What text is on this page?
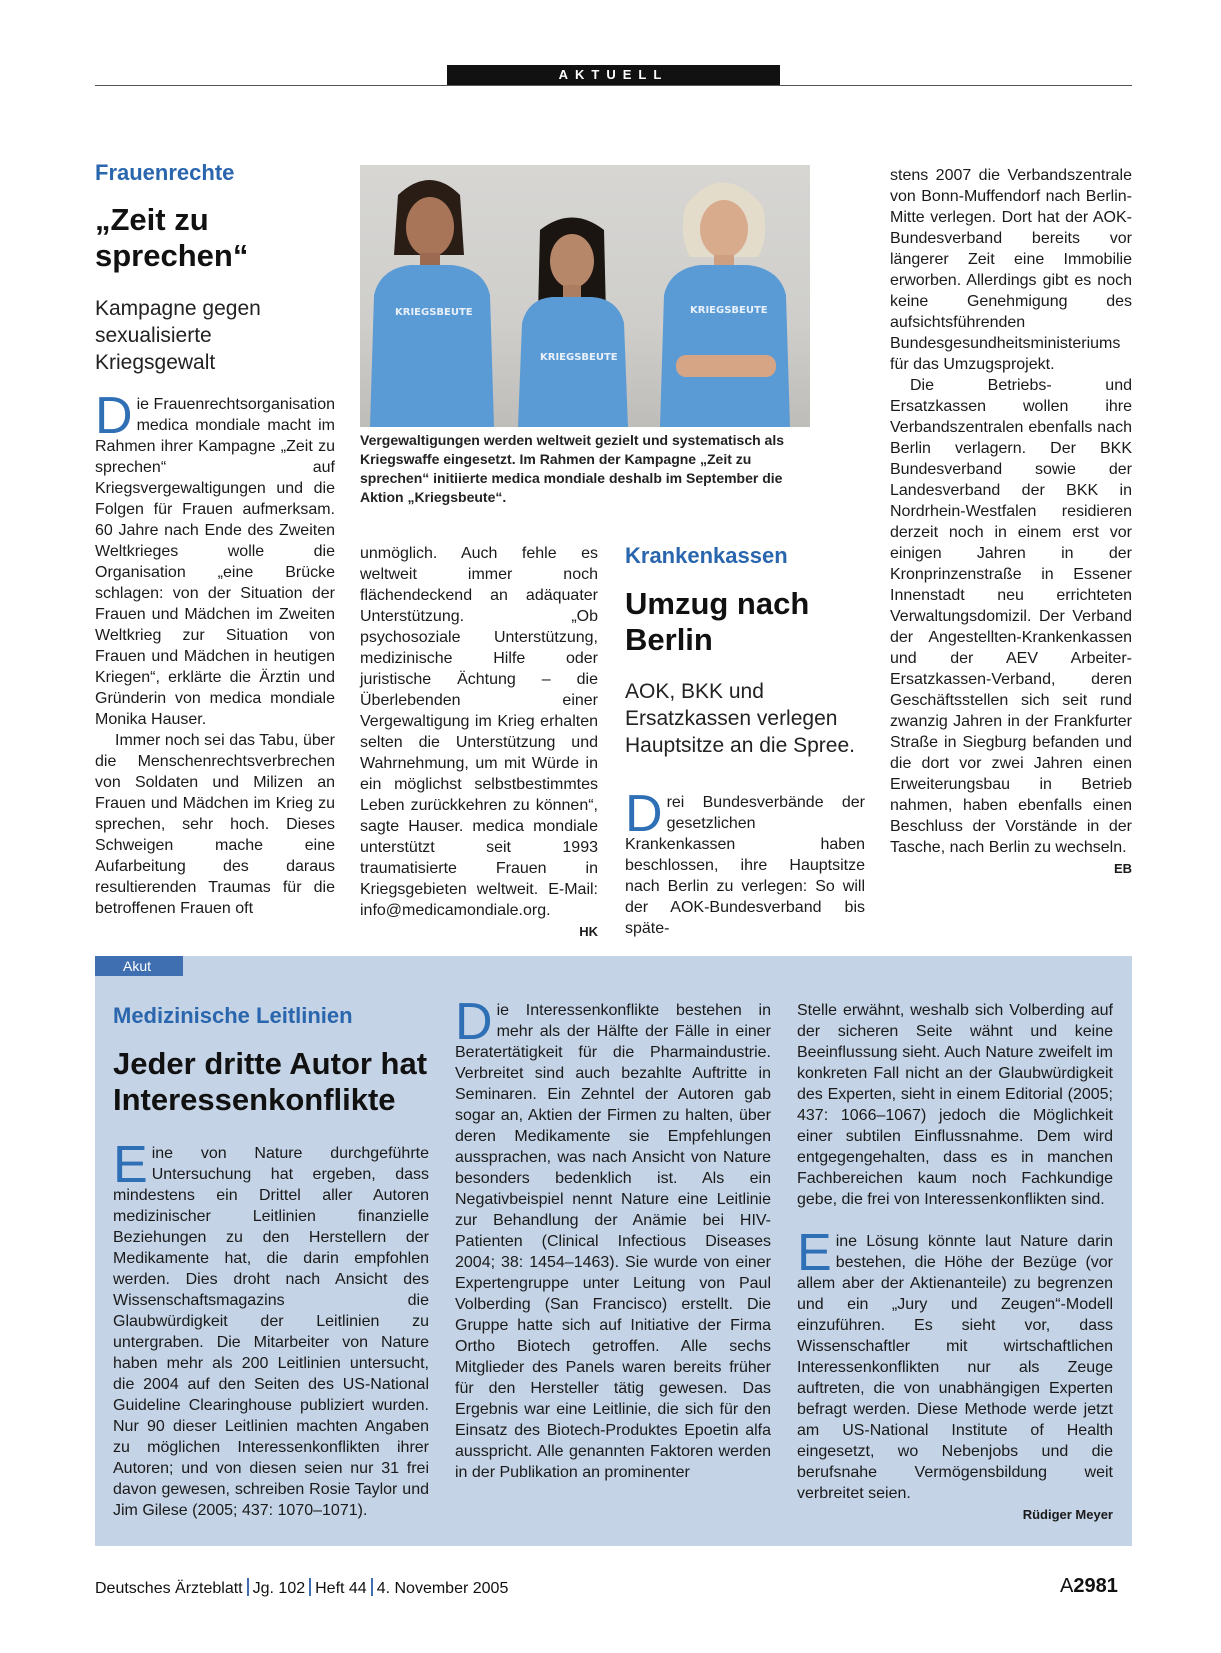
AKTUELL
Frauenrechte
„Zeit zu
sprechen“
Kampagne gegen sexualisierte Kriegsgewalt

Die Frauenrechtsorganisation medica mondiale macht im Rahmen ihrer Kampagne „Zeit zu sprechen“ auf Kriegsvergewaltigungen und die Folgen für Frauen aufmerksam. 60 Jahre nach Ende des Zweiten Weltkrieges wolle die Organisation „eine Brücke schlagen: von der Situation der Frauen und Mädchen im Zweiten Weltkrieg zur Situation von Frauen und Mädchen in heutigen Kriegen“, erklärte die Ärztin und Gründerin von medica mondiale Monika Hauser.

Immer noch sei das Tabu, über die Menschenrechtsverbrechen von Soldaten und Milizen an Frauen und Mädchen im Krieg zu sprechen, sehr hoch. Dieses Schweigen mache eine Aufarbeitung des daraus resultierenden Traumas für die betroffenen Frauen oft

KRIEGSBEUTE
KRIEGSBEUTE
KRIEGSBEUTE
Vergewaltigungen werden weltweit gezielt und systematisch als Kriegswaffe eingesetzt. Im Rahmen der Kampagne „Zeit zu sprechen“ initiierte medica mondiale deshalb im September die Aktion „Kriegsbeute“.

unmöglich. Auch fehle es weltweit immer noch flächendeckend an adäquater Unterstützung. „Ob psychosoziale Unterstützung, medizinische Hilfe oder juristische Ächtung – die Überlebenden einer Vergewaltigung im Krieg erhalten selten die Unterstützung und Wahrnehmung, um mit Würde in ein möglichst selbstbestimmtes Leben zurückkehren zu können“, sagte Hauser. medica mondiale unterstützt seit 1993 traumatisierte Frauen in Kriegsgebieten weltweit. E-Mail: info@medicamondiale.org.

HK
Krankenkassen
Umzug nach
Berlin
AOK, BKK und Ersatzkassen verlegen Hauptsitze an die Spree.

Drei Bundesverbände der gesetzlichen Krankenkassen haben beschlossen, ihre Hauptsitze nach Berlin zu verlegen: So will der AOK-Bundesverband bis späte-

stens 2007 die Verbandszentrale von Bonn-Muffendorf nach Berlin-Mitte verlegen. Dort hat der AOK-Bundesverband bereits vor längerer Zeit eine Immobilie erworben. Allerdings gibt es noch keine Genehmigung des aufsichtsführenden Bundesgesundheitsministeriums für das Umzugsprojekt.

Die Betriebs- und Ersatzkassen wollen ihre Verbandszentralen ebenfalls nach Berlin verlagern. Der BKK Bundesverband sowie der Landesverband der BKK in Nordrhein-Westfalen residieren derzeit noch in einem erst vor einigen Jahren in der Kronprinzenstraße in Essener Innenstadt neu errichteten Verwaltungsdomizil. Der Verband der Angestellten-Krankenkassen und der AEV Arbeiter-Ersatzkassen-Verband, deren Geschäftsstellen sich seit rund zwanzig Jahren in der Frankfurter Straße in Siegburg befanden und die dort vor zwei Jahren einen Erweiterungsbau in Betrieb nahmen, haben ebenfalls einen Beschluss der Vorstände in der Tasche, nach Berlin zu wechseln.

EB
Akut
Medizinische Leitlinien
Jeder dritte Autor hat
Interessenkonflikte

Eine von Nature durchgeführte Untersuchung hat ergeben, dass mindestens ein Drittel aller Autoren medizinischer Leitlinien finanzielle Beziehungen zu den Herstellern der Medikamente hat, die darin empfohlen werden. Dies droht nach Ansicht des Wissenschaftsmagazins die Glaubwürdigkeit der Leitlinien zu untergraben. Die Mitarbeiter von Nature haben mehr als 200 Leitlinien untersucht, die 2004 auf den Seiten des US-National Guideline Clearinghouse publiziert wurden. Nur 90 dieser Leitlinien machten Angaben zu möglichen Interessenkonflikten ihrer Autoren; und von diesen seien nur 31 frei davon gewesen, schreiben Rosie Taylor und Jim Gilese (2005; 437: 1070–1071).

Die Interessenkonflikte bestehen in mehr als der Hälfte der Fälle in einer Beratertätigkeit für die Pharmaindustrie. Verbreitet sind auch bezahlte Auftritte in Seminaren. Ein Zehntel der Autoren gab sogar an, Aktien der Firmen zu halten, über deren Medikamente sie Empfehlungen aussprachen, was nach Ansicht von Nature besonders bedenklich ist. Als ein Negativbeispiel nennt Nature eine Leitlinie zur Behandlung der Anämie bei HIV-Patienten (Clinical Infectious Diseases 2004; 38: 1454–1463). Sie wurde von einer Expertengruppe unter Leitung von Paul Volberding (San Francisco) erstellt. Die Gruppe hatte sich auf Initiative der Firma Ortho Biotech getroffen. Alle sechs Mitglieder des Panels waren bereits früher für den Hersteller tätig gewesen. Das Ergebnis war eine Leitlinie, die sich für den Einsatz des Biotech-Produktes Epoetin alfa ausspricht. Alle genannten Faktoren werden in der Publikation an prominenter

Stelle erwähnt, weshalb sich Volberding auf der sicheren Seite wähnt und keine Beeinflussung sieht. Auch Nature zweifelt im konkreten Fall nicht an der Glaubwürdigkeit des Experten, sieht in einem Editorial (2005; 437: 1066–1067) jedoch die Möglichkeit einer subtilen Einflussnahme. Dem wird entgegengehalten, dass es in manchen Fachbereichen kaum noch Fachkundige gebe, die frei von Interessenkonflikten sind.

Eine Lösung könnte laut Nature darin bestehen, die Höhe der Bezüge (vor allem aber der Aktienanteile) zu begrenzen und ein „Jury und Zeugen“-Modell einzuführen. Es sieht vor, dass Wissenschaftler mit wirtschaftlichen Interessenkonflikten nur als Zeuge auftreten, die von unabhängigen Experten befragt werden. Diese Methode werde jetzt am US-National Institute of Health eingesetzt, wo Nebenjobs und die berufsnahe Vermögensbildung weit verbreitet seien.

Rüdiger Meyer
Deutsches Ärzteblatt Jg. 102 Heft 44 4. November 2005	A2981
